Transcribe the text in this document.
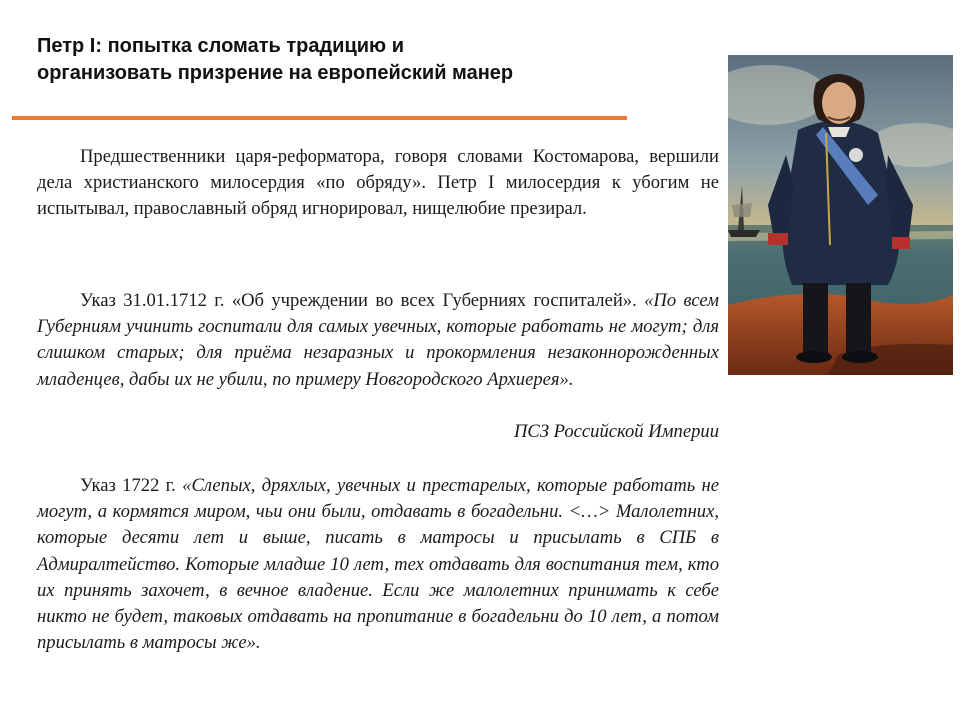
Петр I: попытка сломать традицию и
организовать призрение на европейский манер

Предшественники царя-реформатора, говоря словами Костомарова, вершили дела христианского милосердия «по обряду». Петр I милосердия к убогим не испытывал, православный обряд игнорировал, нищелюбие презирал.

Указ 31.01.1712 г. «Об учреждении во всех Губерниях госпиталей». «По всем Губерниям учинить госпитали для самых увечных, которые работать не могут; для слишком старых; для приёма незаразных и прокормления незаконнорожденных младенцев, дабы их не убили, по примеру Новгородского Архиерея».

ПСЗ Российской Империи

Указ 1722 г. «Слепых, дряхлых, увечных и престарелых, которые работать не могут, а кормятся миром, чьи они были, отдавать в богадельни. <…> Малолетних, которые десяти лет и выше, писать в матросы и присылать в СПБ в Адмиралтейство. Которые младше 10 лет, тех отдавать для воспитания тем, кто их принять захочет, в вечное владение. Если же малолетних принимать к себе никто не будет, таковых отдавать на пропитание в богадельни до 10 лет, а потом присылать в матросы же».
